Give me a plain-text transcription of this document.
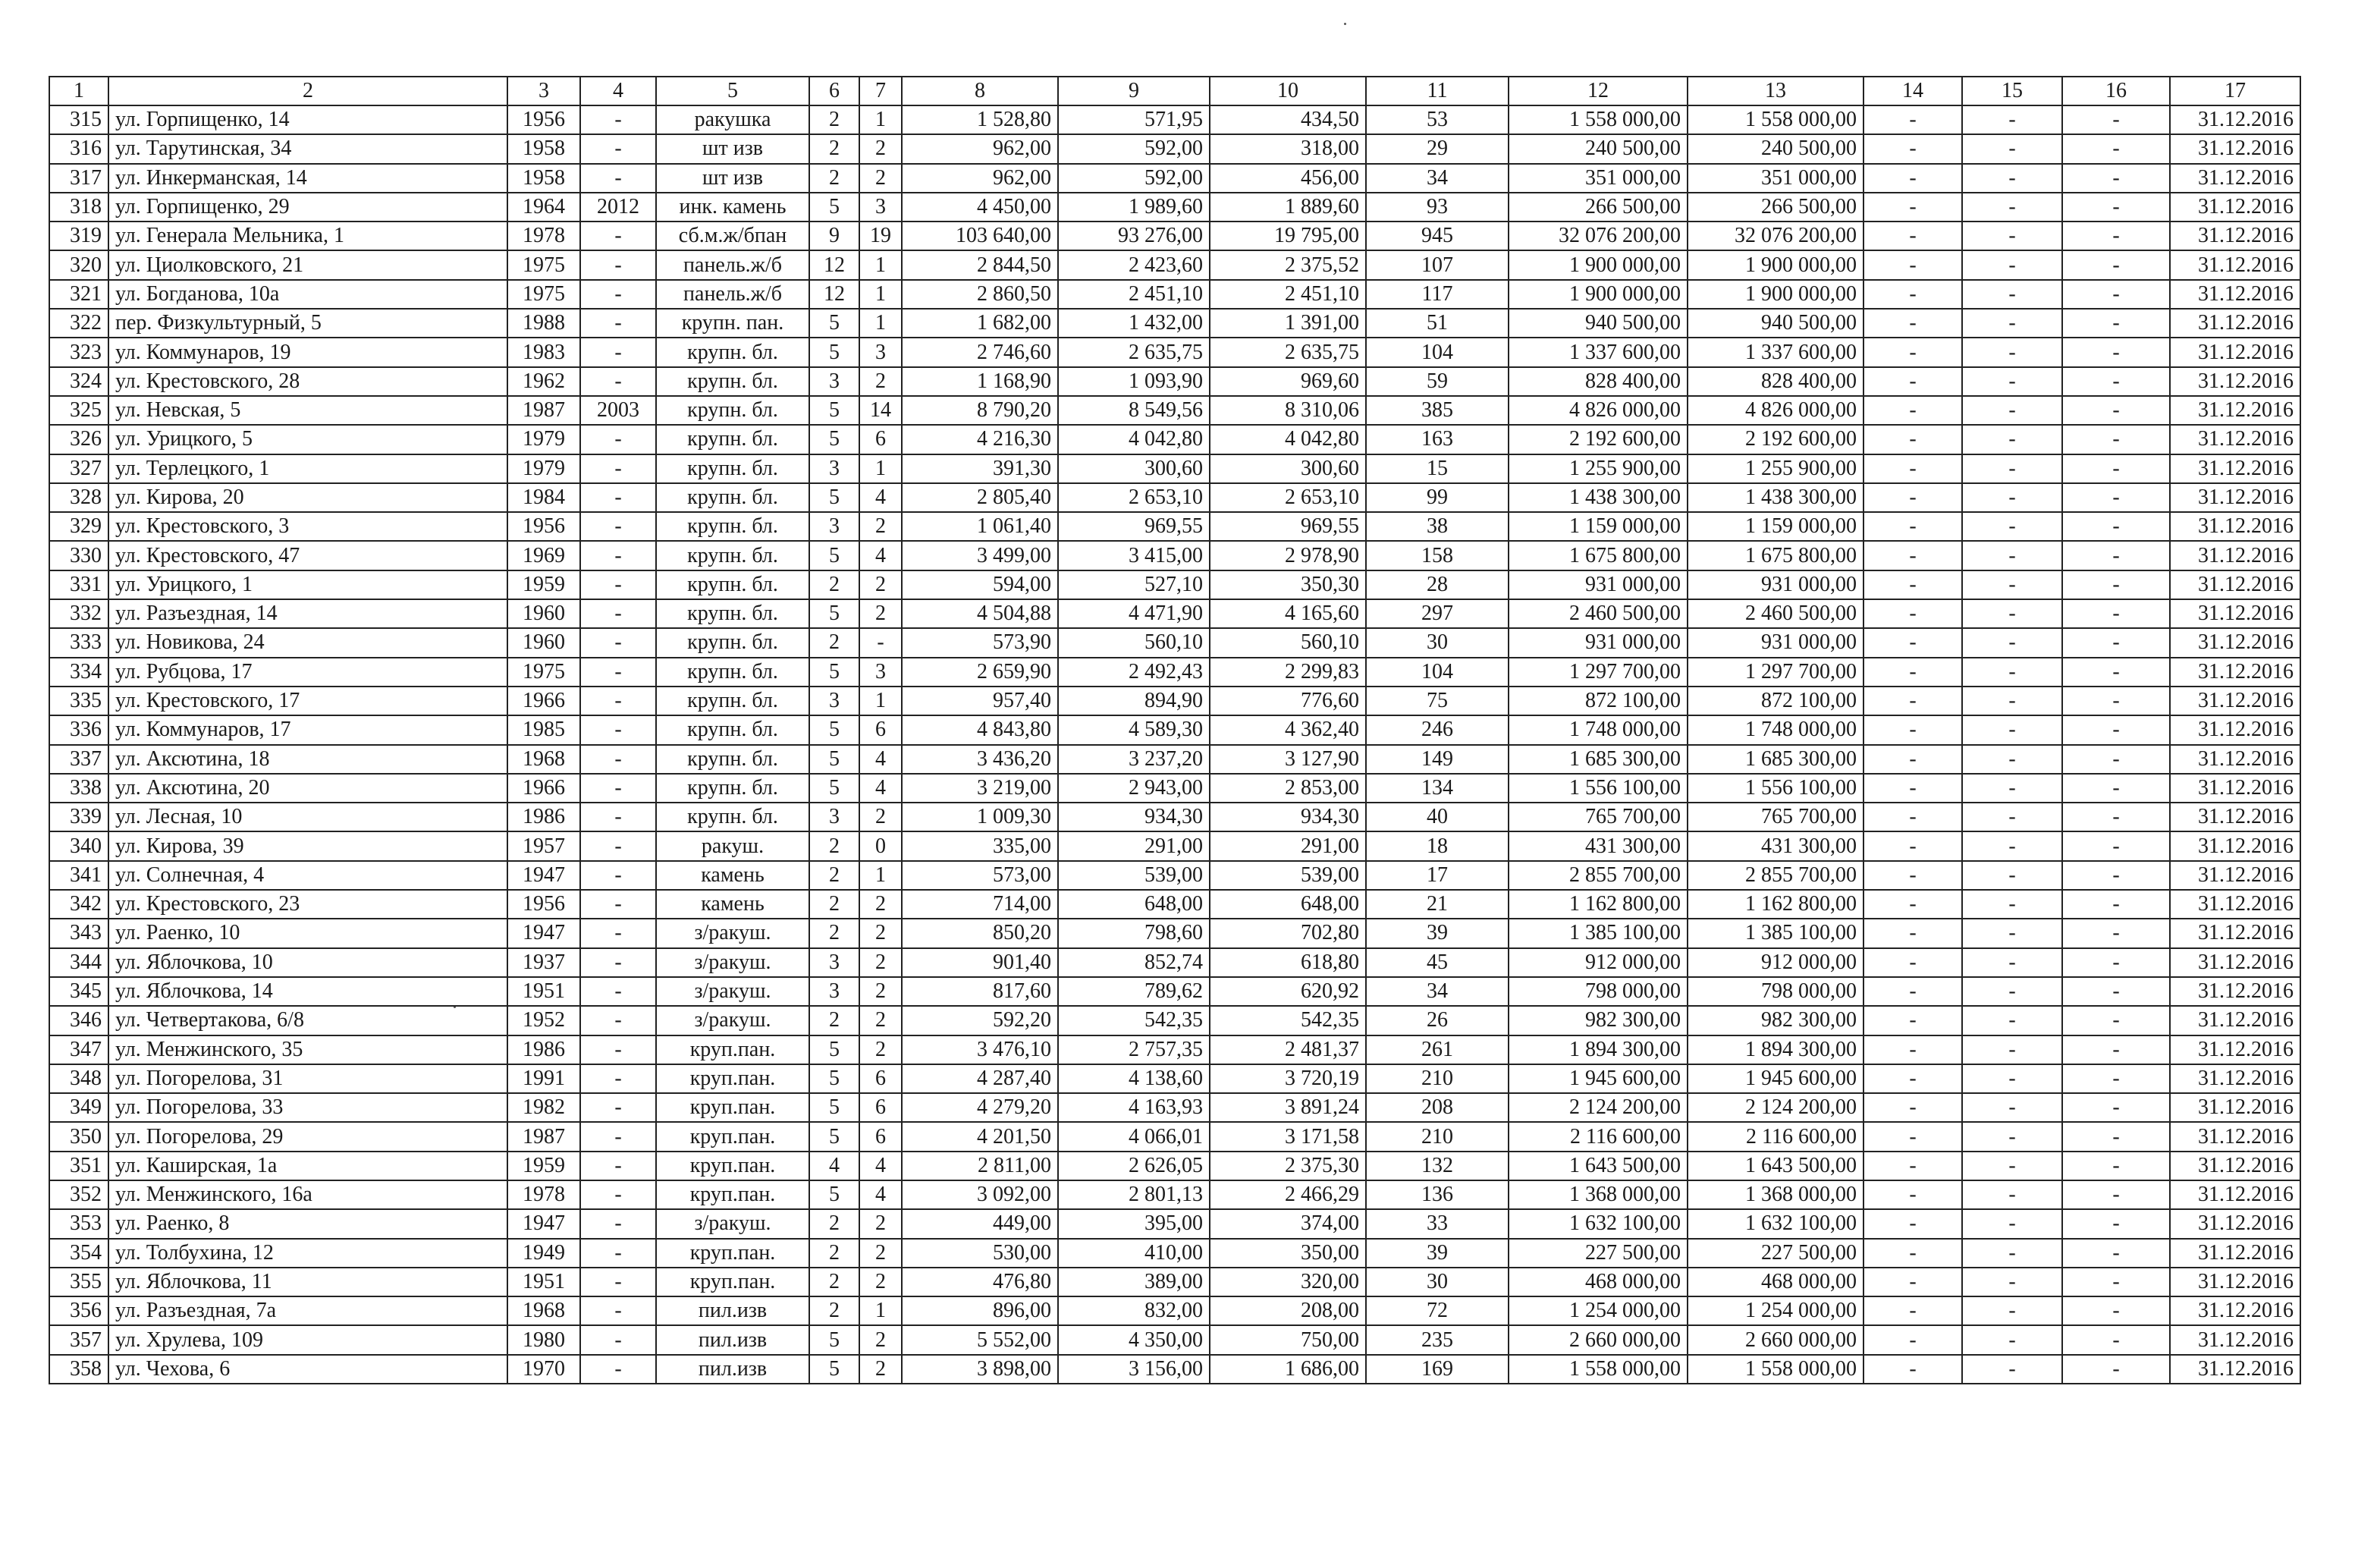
1	2	3	4	5	6	7	8	9	10	11	12	13	14	15	16	17
315	ул. Горпищенко, 14	1956	-	ракушка	2	1	1 528,80	571,95	434,50	53	1 558 000,00	1 558 000,00	-	-	-	31.12.2016
316	ул. Тарутинская, 34	1958	-	шт изв	2	2	962,00	592,00	318,00	29	240 500,00	240 500,00	-	-	-	31.12.2016
317	ул. Инкерманская, 14	1958	-	шт изв	2	2	962,00	592,00	456,00	34	351 000,00	351 000,00	-	-	-	31.12.2016
318	ул. Горпищенко, 29	1964	2012	инк. камень	5	3	4 450,00	1 989,60	1 889,60	93	266 500,00	266 500,00	-	-	-	31.12.2016
319	ул. Генерала Мельника, 1	1978	-	сб.м.ж/бпан	9	19	103 640,00	93 276,00	19 795,00	945	32 076 200,00	32 076 200,00	-	-	-	31.12.2016
320	ул. Циолковского, 21	1975	-	панель.ж/б	12	1	2 844,50	2 423,60	2 375,52	107	1 900 000,00	1 900 000,00	-	-	-	31.12.2016
321	ул. Богданова, 10а	1975	-	панель.ж/б	12	1	2 860,50	2 451,10	2 451,10	117	1 900 000,00	1 900 000,00	-	-	-	31.12.2016
322	пер. Физкультурный, 5	1988	-	крупн. пан.	5	1	1 682,00	1 432,00	1 391,00	51	940 500,00	940 500,00	-	-	-	31.12.2016
323	ул. Коммунаров, 19	1983	-	крупн. бл.	5	3	2 746,60	2 635,75	2 635,75	104	1 337 600,00	1 337 600,00	-	-	-	31.12.2016
324	ул. Крестовского, 28	1962	-	крупн. бл.	3	2	1 168,90	1 093,90	969,60	59	828 400,00	828 400,00	-	-	-	31.12.2016
325	ул. Невская, 5	1987	2003	крупн. бл.	5	14	8 790,20	8 549,56	8 310,06	385	4 826 000,00	4 826 000,00	-	-	-	31.12.2016
326	ул. Урицкого, 5	1979	-	крупн. бл.	5	6	4 216,30	4 042,80	4 042,80	163	2 192 600,00	2 192 600,00	-	-	-	31.12.2016
327	ул. Терлецкого, 1	1979	-	крупн. бл.	3	1	391,30	300,60	300,60	15	1 255 900,00	1 255 900,00	-	-	-	31.12.2016
328	ул. Кирова, 20	1984	-	крупн. бл.	5	4	2 805,40	2 653,10	2 653,10	99	1 438 300,00	1 438 300,00	-	-	-	31.12.2016
329	ул. Крестовского, 3	1956	-	крупн. бл.	3	2	1 061,40	969,55	969,55	38	1 159 000,00	1 159 000,00	-	-	-	31.12.2016
330	ул. Крестовского, 47	1969	-	крупн. бл.	5	4	3 499,00	3 415,00	2 978,90	158	1 675 800,00	1 675 800,00	-	-	-	31.12.2016
331	ул. Урицкого, 1	1959	-	крупн. бл.	2	2	594,00	527,10	350,30	28	931 000,00	931 000,00	-	-	-	31.12.2016
332	ул. Разъездная, 14	1960	-	крупн. бл.	5	2	4 504,88	4 471,90	4 165,60	297	2 460 500,00	2 460 500,00	-	-	-	31.12.2016
333	ул. Новикова, 24	1960	-	крупн. бл.	2	-	573,90	560,10	560,10	30	931 000,00	931 000,00	-	-	-	31.12.2016
334	ул. Рубцова, 17	1975	-	крупн. бл.	5	3	2 659,90	2 492,43	2 299,83	104	1 297 700,00	1 297 700,00	-	-	-	31.12.2016
335	ул. Крестовского, 17	1966	-	крупн. бл.	3	1	957,40	894,90	776,60	75	872 100,00	872 100,00	-	-	-	31.12.2016
336	ул. Коммунаров, 17	1985	-	крупн. бл.	5	6	4 843,80	4 589,30	4 362,40	246	1 748 000,00	1 748 000,00	-	-	-	31.12.2016
337	ул. Аксютина, 18	1968	-	крупн. бл.	5	4	3 436,20	3 237,20	3 127,90	149	1 685 300,00	1 685 300,00	-	-	-	31.12.2016
338	ул. Аксютина, 20	1966	-	крупн. бл.	5	4	3 219,00	2 943,00	2 853,00	134	1 556 100,00	1 556 100,00	-	-	-	31.12.2016
339	ул. Лесная, 10	1986	-	крупн. бл.	3	2	1 009,30	934,30	934,30	40	765 700,00	765 700,00	-	-	-	31.12.2016
340	ул. Кирова, 39	1957	-	ракуш.	2	0	335,00	291,00	291,00	18	431 300,00	431 300,00	-	-	-	31.12.2016
341	ул. Солнечная, 4	1947	-	камень	2	1	573,00	539,00	539,00	17	2 855 700,00	2 855 700,00	-	-	-	31.12.2016
342	ул. Крестовского, 23	1956	-	камень	2	2	714,00	648,00	648,00	21	1 162 800,00	1 162 800,00	-	-	-	31.12.2016
343	ул. Раенко, 10	1947	-	з/ракуш.	2	2	850,20	798,60	702,80	39	1 385 100,00	1 385 100,00	-	-	-	31.12.2016
344	ул. Яблочкова, 10	1937	-	з/ракуш.	3	2	901,40	852,74	618,80	45	912 000,00	912 000,00	-	-	-	31.12.2016
345	ул. Яблочкова, 14	1951	-	з/ракуш.	3	2	817,60	789,62	620,92	34	798 000,00	798 000,00	-	-	-	31.12.2016
346	ул. Четвертакова, 6/8	1952	-	з/ракуш.	2	2	592,20	542,35	542,35	26	982 300,00	982 300,00	-	-	-	31.12.2016
347	ул. Менжинского, 35	1986	-	круп.пан.	5	2	3 476,10	2 757,35	2 481,37	261	1 894 300,00	1 894 300,00	-	-	-	31.12.2016
348	ул. Погорелова, 31	1991	-	круп.пан.	5	6	4 287,40	4 138,60	3 720,19	210	1 945 600,00	1 945 600,00	-	-	-	31.12.2016
349	ул. Погорелова, 33	1982	-	круп.пан.	5	6	4 279,20	4 163,93	3 891,24	208	2 124 200,00	2 124 200,00	-	-	-	31.12.2016
350	ул. Погорелова, 29	1987	-	круп.пан.	5	6	4 201,50	4 066,01	3 171,58	210	2 116 600,00	2 116 600,00	-	-	-	31.12.2016
351	ул. Каширская, 1а	1959	-	круп.пан.	4	4	2 811,00	2 626,05	2 375,30	132	1 643 500,00	1 643 500,00	-	-	-	31.12.2016
352	ул. Менжинского, 16а	1978	-	круп.пан.	5	4	3 092,00	2 801,13	2 466,29	136	1 368 000,00	1 368 000,00	-	-	-	31.12.2016
353	ул. Раенко, 8	1947	-	з/ракуш.	2	2	449,00	395,00	374,00	33	1 632 100,00	1 632 100,00	-	-	-	31.12.2016
354	ул. Толбухина, 12	1949	-	круп.пан.	2	2	530,00	410,00	350,00	39	227 500,00	227 500,00	-	-	-	31.12.2016
355	ул. Яблочкова, 11	1951	-	круп.пан.	2	2	476,80	389,00	320,00	30	468 000,00	468 000,00	-	-	-	31.12.2016
356	ул. Разъездная, 7а	1968	-	пил.изв	2	1	896,00	832,00	208,00	72	1 254 000,00	1 254 000,00	-	-	-	31.12.2016
357	ул. Хрулева, 109	1980	-	пил.изв	5	2	5 552,00	4 350,00	750,00	235	2 660 000,00	2 660 000,00	-	-	-	31.12.2016
358	ул. Чехова, 6	1970	-	пил.изв	5	2	3 898,00	3 156,00	1 686,00	169	1 558 000,00	1 558 000,00	-	-	-	31.12.2016
